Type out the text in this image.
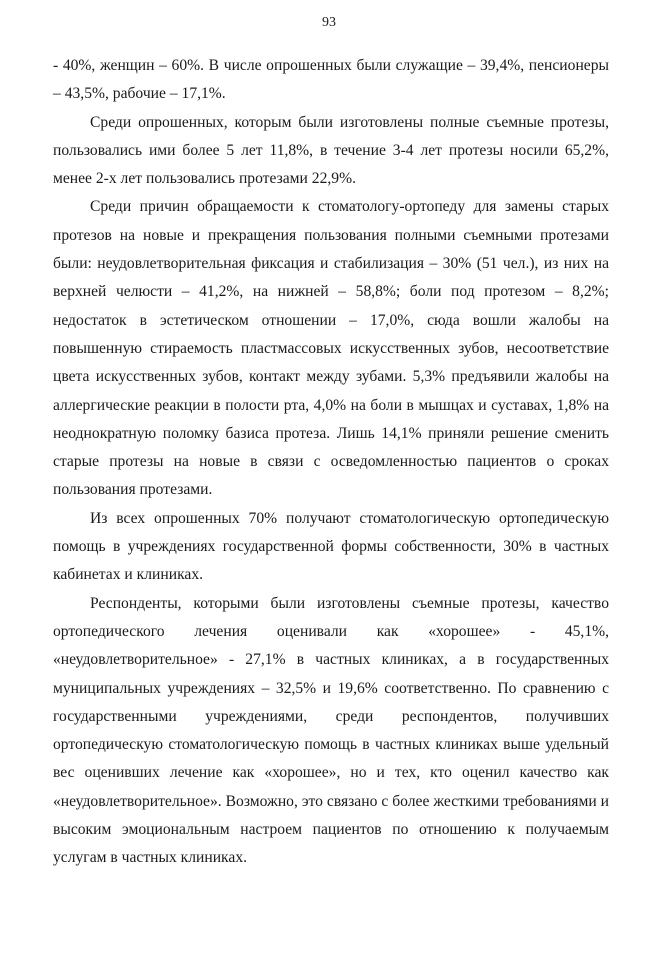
93

- 40%, женщин – 60%. В числе опрошенных были служащие – 39,4%, пенсионеры – 43,5%, рабочие – 17,1%.

Среди опрошенных, которым были изготовлены полные съемные протезы, пользовались ими более 5 лет 11,8%, в течение 3-4 лет протезы носили 65,2%, менее 2-х лет пользовались протезами 22,9%.

Среди причин обращаемости к стоматологу-ортопеду для замены старых протезов на новые и прекращения пользования полными съемными протезами были: неудовлетворительная фиксация и стабилизация – 30% (51 чел.), из них на верхней челюсти – 41,2%, на нижней – 58,8%; боли под протезом – 8,2%; недостаток в эстетическом отношении – 17,0%, сюда вошли жалобы на повышенную стираемость пластмассовых искусственных зубов, несоответствие цвета искусственных зубов, контакт между зубами. 5,3% предъявили жалобы на аллергические реакции в полости рта, 4,0% на боли в мышцах и суставах, 1,8% на неоднократную поломку базиса протеза. Лишь 14,1% приняли решение сменить старые протезы на новые в связи с осведомленностью пациентов о сроках пользования протезами.

Из всех опрошенных 70% получают стоматологическую ортопедическую помощь в учреждениях государственной формы собственности, 30% в частных кабинетах и клиниках.

Респонденты, которыми были изготовлены съемные протезы, качество ортопедического лечения оценивали как «хорошее» - 45,1%, «неудовлетворительное» - 27,1% в частных клиниках, а в государственных муниципальных учреждениях – 32,5% и 19,6% соответственно. По сравнению с государственными учреждениями, среди респондентов, получивших ортопедическую стоматологическую помощь в частных клиниках выше удельный вес оценивших лечение как «хорошее», но и тех, кто оценил качество как «неудовлетворительное». Возможно, это связано с более жесткими требованиями и высоким эмоциональным настроем пациентов по отношению к получаемым услугам в частных клиниках.
